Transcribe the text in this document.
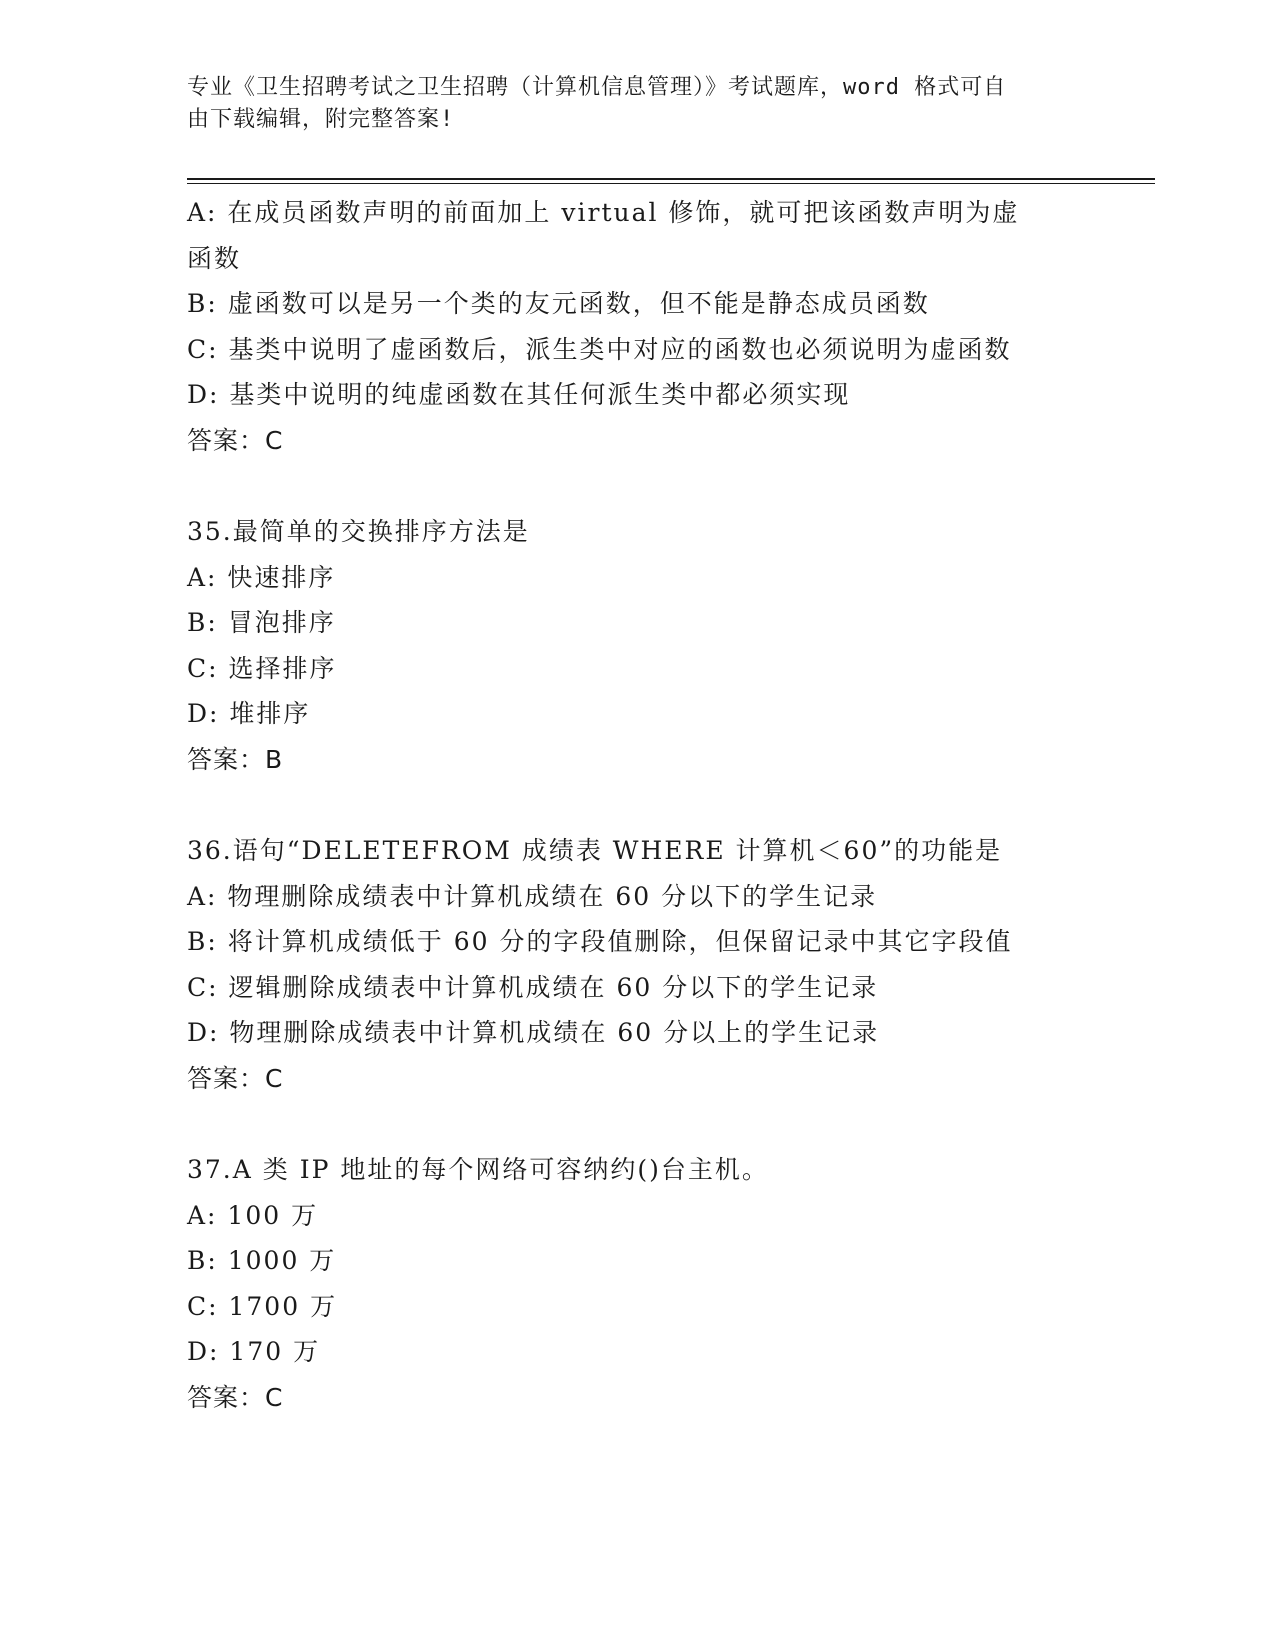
专业《卫生招聘考试之卫生招聘（计算机信息管理）》考试题库，word 格式可自
由下载编辑，附完整答案!
A: 在成员函数声明的前面加上 virtual 修饰，就可把该函数声明为虚
函数
B: 虚函数可以是另一个类的友元函数，但不能是静态成员函数
C: 基类中说明了虚函数后，派生类中对应的函数也必须说明为虚函数
D: 基类中说明的纯虚函数在其任何派生类中都必须实现
答案：C
35.最简单的交换排序方法是
A: 快速排序
B: 冒泡排序
C: 选择排序
D: 堆排序
答案：B
36.语句“DELETEFROM 成绩表 WHERE 计算机＜60”的功能是
A: 物理删除成绩表中计算机成绩在 60 分以下的学生记录
B: 将计算机成绩低于 60 分的字段值删除，但保留记录中其它字段值
C: 逻辑删除成绩表中计算机成绩在 60 分以下的学生记录
D: 物理删除成绩表中计算机成绩在 60 分以上的学生记录
答案：C
37.A 类 IP 地址的每个网络可容纳约()台主机。
A: 100 万
B: 1000 万
C: 1700 万
D: 170 万
答案：C
